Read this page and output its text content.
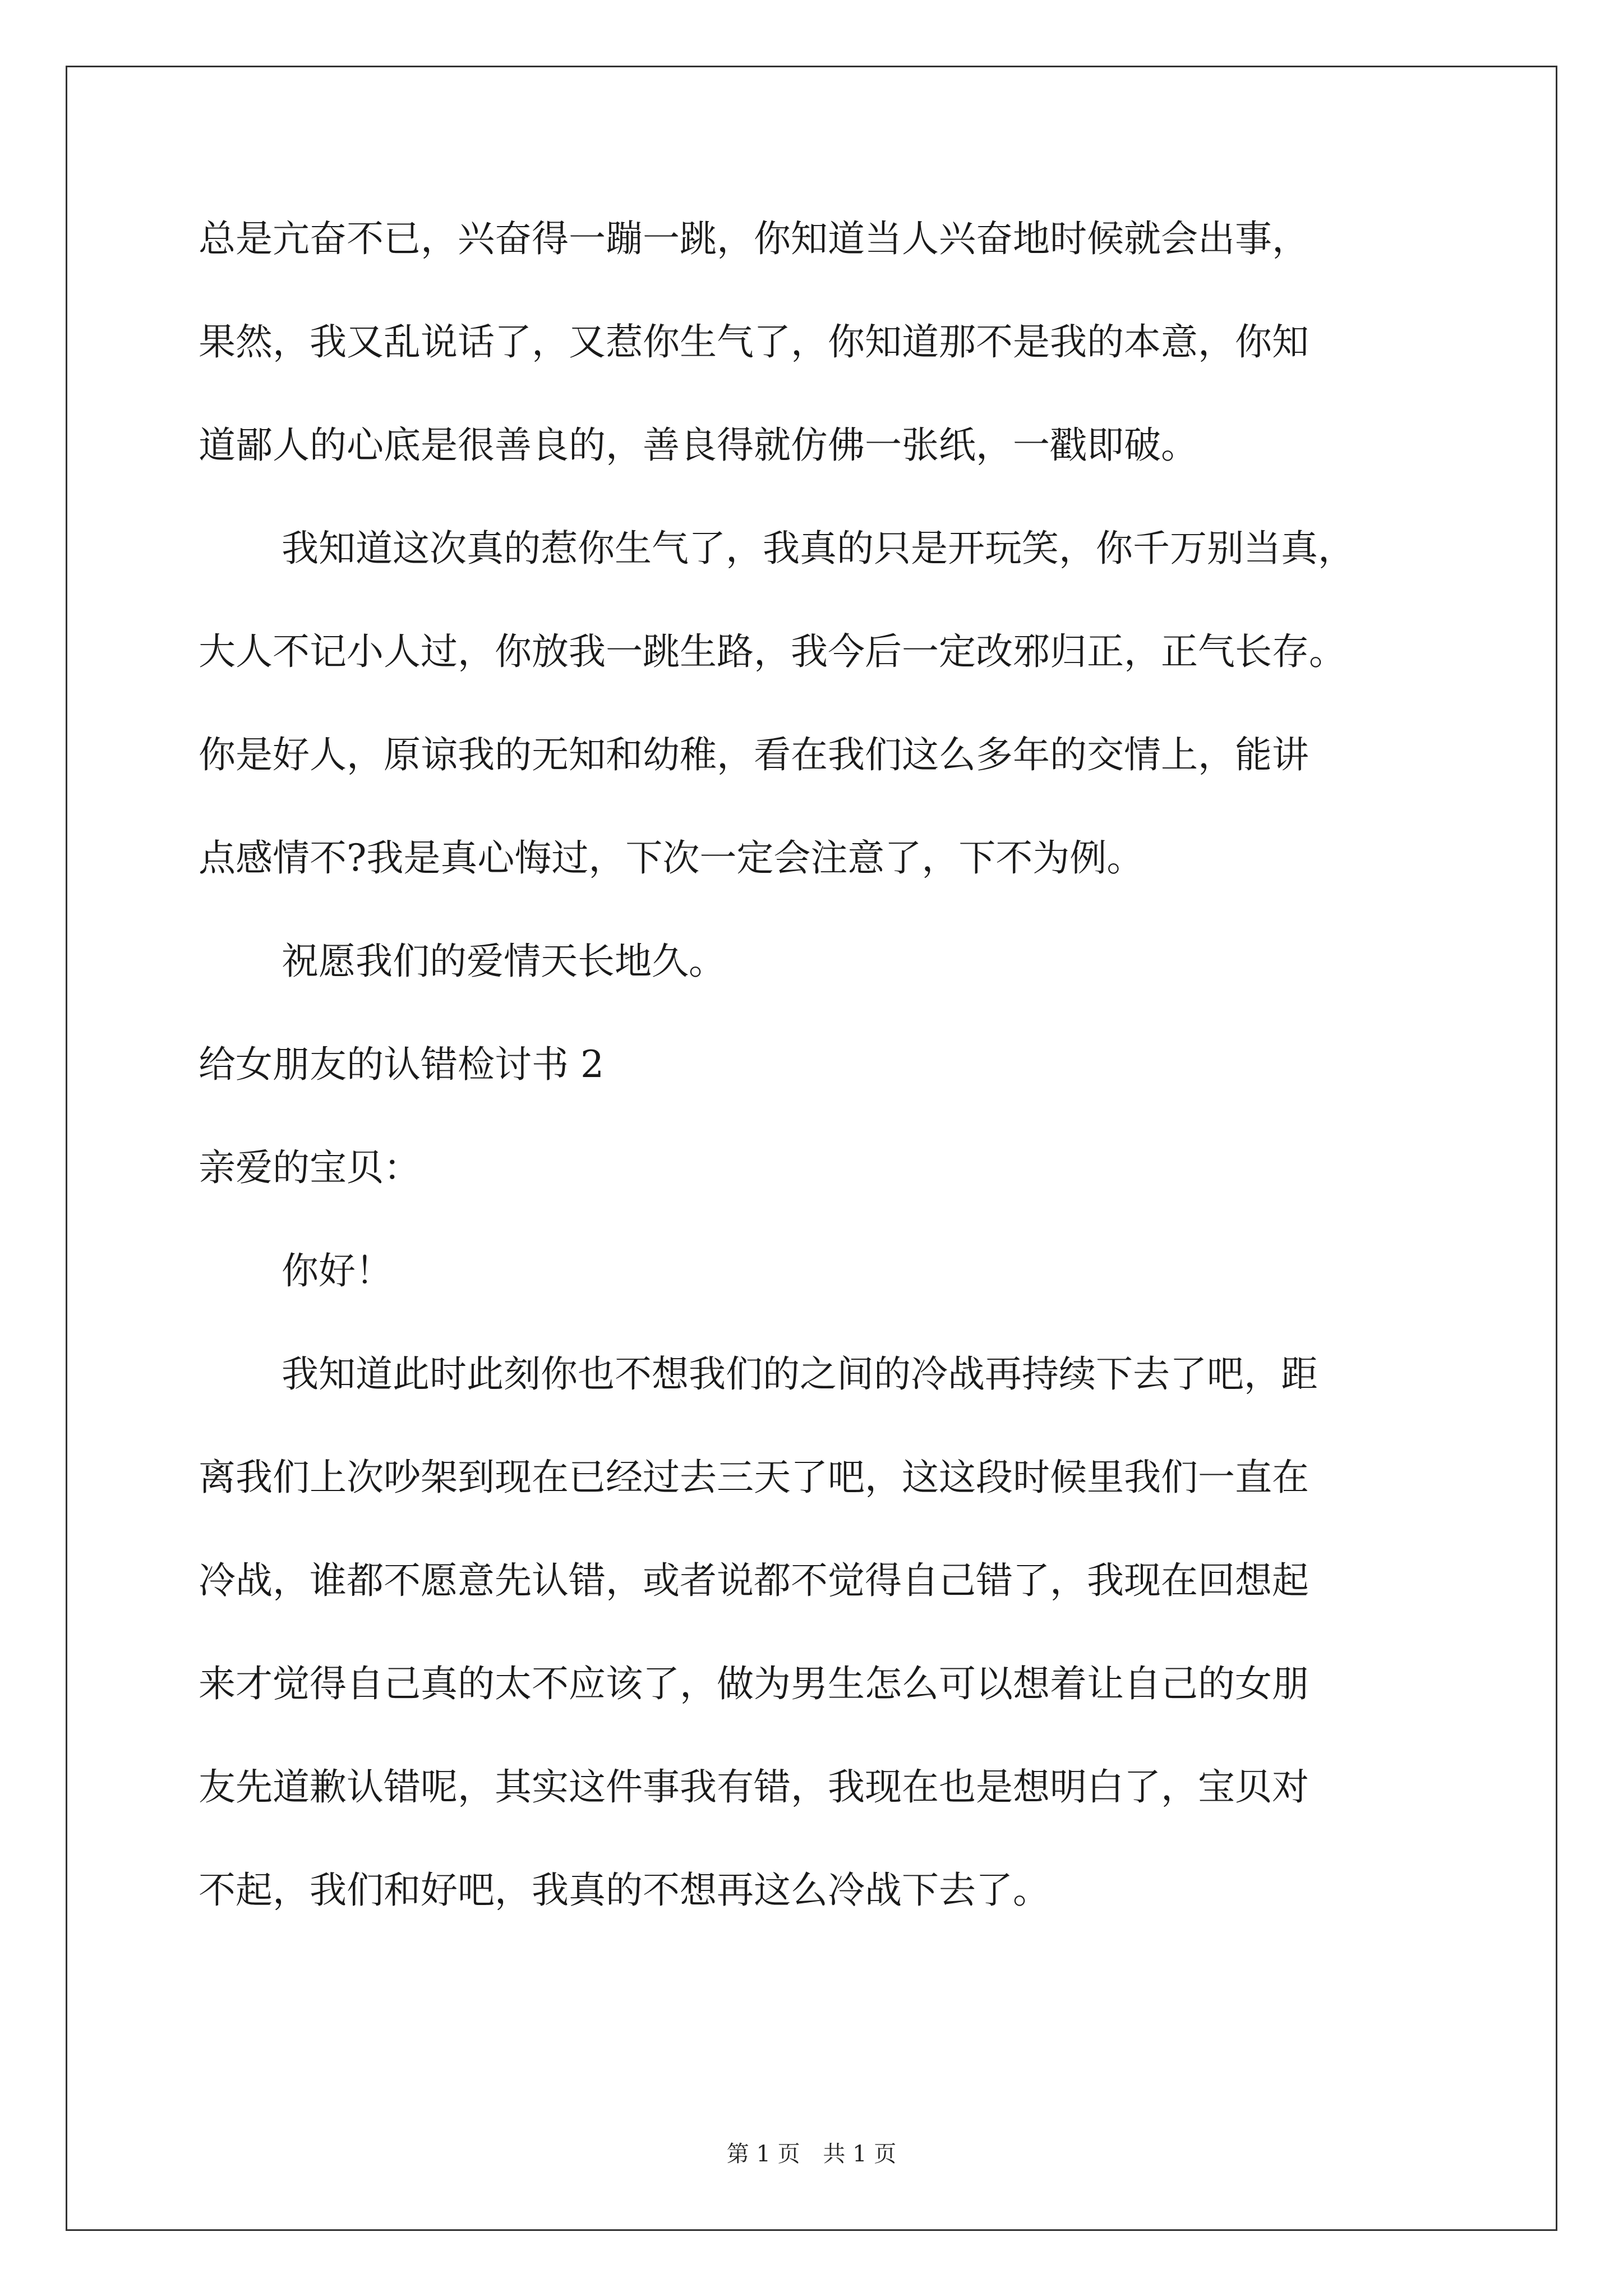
总是亢奋不已，兴奋得一蹦一跳，你知道当人兴奋地时候就会出事，
果然，我又乱说话了，又惹你生气了，你知道那不是我的本意，你知
道鄙人的心底是很善良的，善良得就仿佛一张纸，一戳即破。
我知道这次真的惹你生气了，我真的只是开玩笑，你千万别当真，
大人不记小人过，你放我一跳生路，我今后一定改邪归正，正气长存。
你是好人，原谅我的无知和幼稚，看在我们这么多年的交情上，能讲
点感情不?我是真心悔过，下次一定会注意了，下不为例。
祝愿我们的爱情天长地久。
给女朋友的认错检讨书 2
亲爱的宝贝：
你好！
我知道此时此刻你也不想我们的之间的冷战再持续下去了吧，距
离我们上次吵架到现在已经过去三天了吧，这这段时候里我们一直在
冷战，谁都不愿意先认错，或者说都不觉得自己错了，我现在回想起
来才觉得自己真的太不应该了，做为男生怎么可以想着让自己的女朋
友先道歉认错呢，其实这件事我有错，我现在也是想明白了，宝贝对
不起，我们和好吧，我真的不想再这么冷战下去了。
第 1 页 共 1 页
